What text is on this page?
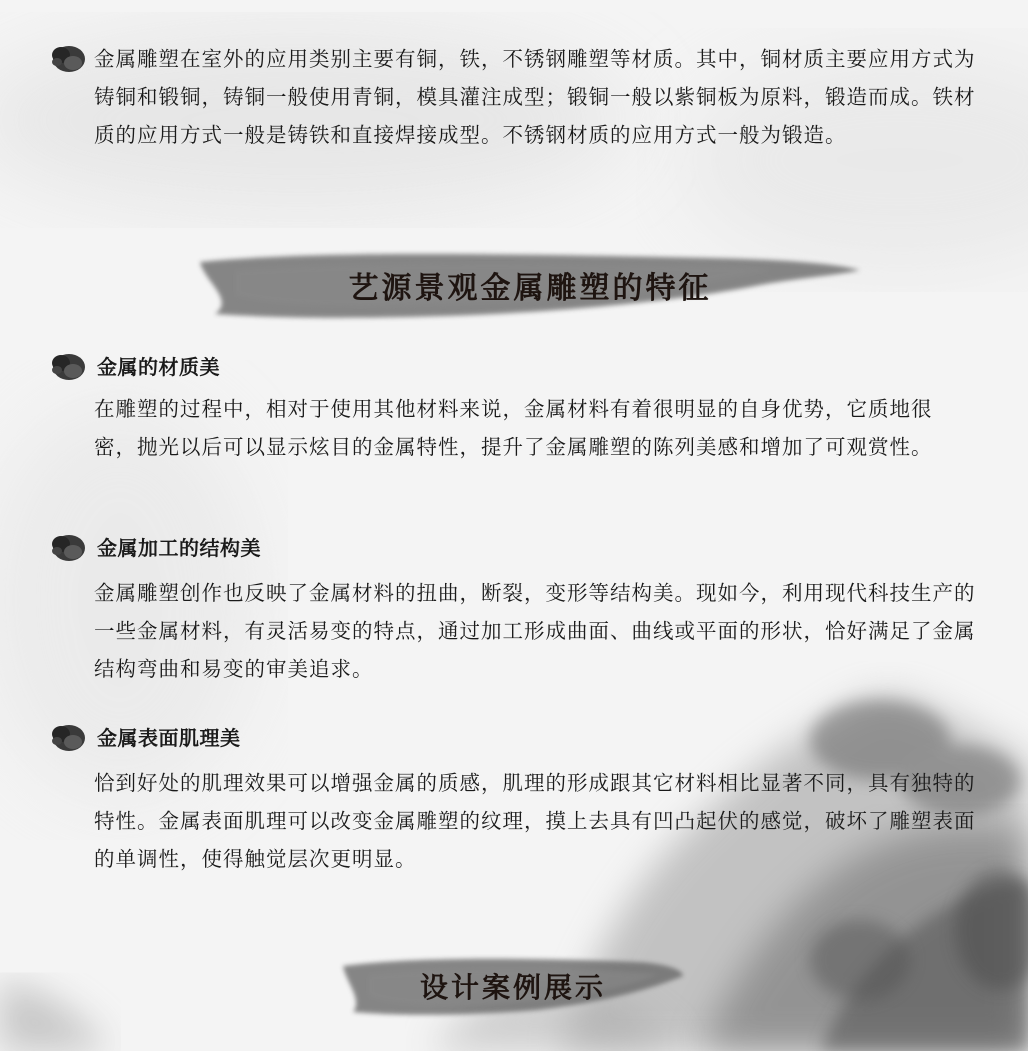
金属雕塑在室外的应用类别主要有铜，铁，不锈钢雕塑等材质。其中，铜材质主要应用方式为铸铜和锻铜，铸铜一般使用青铜，模具灌注成型；锻铜一般以紫铜板为原料，锻造而成。铁材质的应用方式一般是铸铁和直接焊接成型。不锈钢材质的应用方式一般为锻造。

艺源景观金属雕塑的特征
金属的材质美

在雕塑的过程中，相对于使用其他材料来说，金属材料有着很明显的自身优势，它质地很密，抛光以后可以显示炫目的金属特性，提升了金属雕塑的陈列美感和增加了可观赏性。

金属加工的结构美

金属雕塑创作也反映了金属材料的扭曲，断裂，变形等结构美。现如今，利用现代科技生产的一些金属材料，有灵活易变的特点，通过加工形成曲面、曲线或平面的形状，恰好满足了金属结构弯曲和易变的审美追求。

金属表面肌理美

恰到好处的肌理效果可以增强金属的质感，肌理的形成跟其它材料相比显著不同，具有独特的特性。金属表面肌理可以改变金属雕塑的纹理，摸上去具有凹凸起伏的感觉，破坏了雕塑表面的单调性，使得触觉层次更明显。

设计案例展示
